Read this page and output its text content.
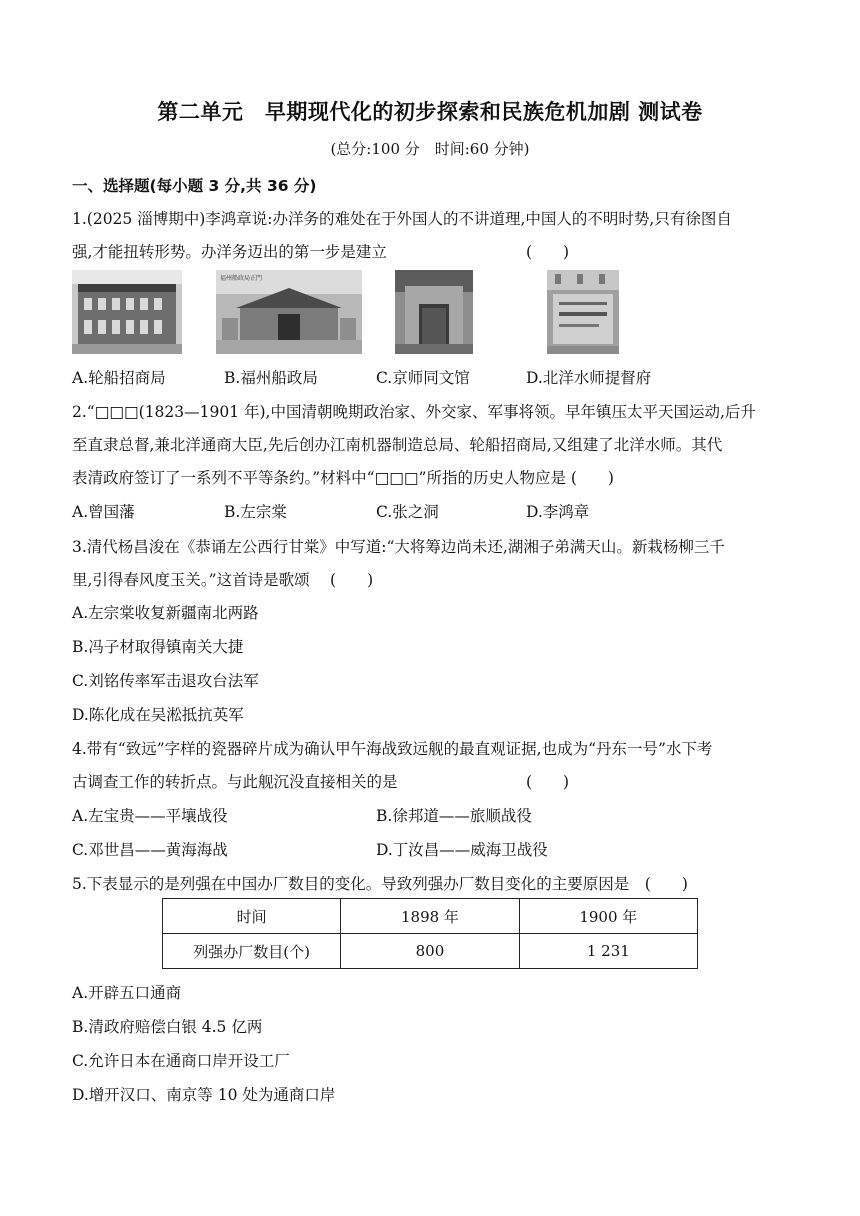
第二单元　早期现代化的初步探索和民族危机加剧 测试卷
(总分:100 分　时间:60 分钟)
一、选择题(每小题 3 分,共 36 分)
1.(2025 淄博期中)李鸿章说:办洋务的难处在于外国人的不讲道理,中国人的不明时势,只有徐图自
强,才能扭转形势。办洋务迈出的第一步是建立	(　　)
福州船政局正門
A.轮船招商局	B.福州船政局	C.京师同文馆	D.北洋水师提督府
2.“□□□(1823—1901 年),中国清朝晚期政治家、外交家、军事将领。早年镇压太平天国运动,后升
至直隶总督,兼北洋通商大臣,先后创办江南机器制造总局、轮船招商局,又组建了北洋水师。其代
表清政府签订了一系列不平等条约。”材料中“□□□”所指的历史人物应是 (　　)
A.曾国藩	B.左宗棠	C.张之洞	D.李鸿章
3.清代杨昌浚在《恭诵左公西行甘棠》中写道:“大将筹边尚未还,湖湘子弟满天山。新栽杨柳三千
里,引得春风度玉关。”这首诗是歌颂　 (　　)
A.左宗棠收复新疆南北两路
B.冯子材取得镇南关大捷
C.刘铭传率军击退攻台法军
D.陈化成在吴淞抵抗英军
4.带有“致远”字样的瓷器碎片成为确认甲午海战致远舰的最直观证据,也成为“丹东一号”水下考
古调查工作的转折点。与此舰沉没直接相关的是	(　　)
A.左宝贵——平壤战役	B.徐邦道——旅顺战役
C.邓世昌——黄海海战	D.丁汝昌——威海卫战役
5.下表显示的是列强在中国办厂数目的变化。导致列强办厂数目变化的主要原因是　(　　)
时间	1898 年	1900 年
列强办厂数目(个)	800	1 231
A.开辟五口通商
B.清政府赔偿白银 4.5 亿两
C.允许日本在通商口岸开设工厂
D.增开汉口、南京等 10 处为通商口岸
